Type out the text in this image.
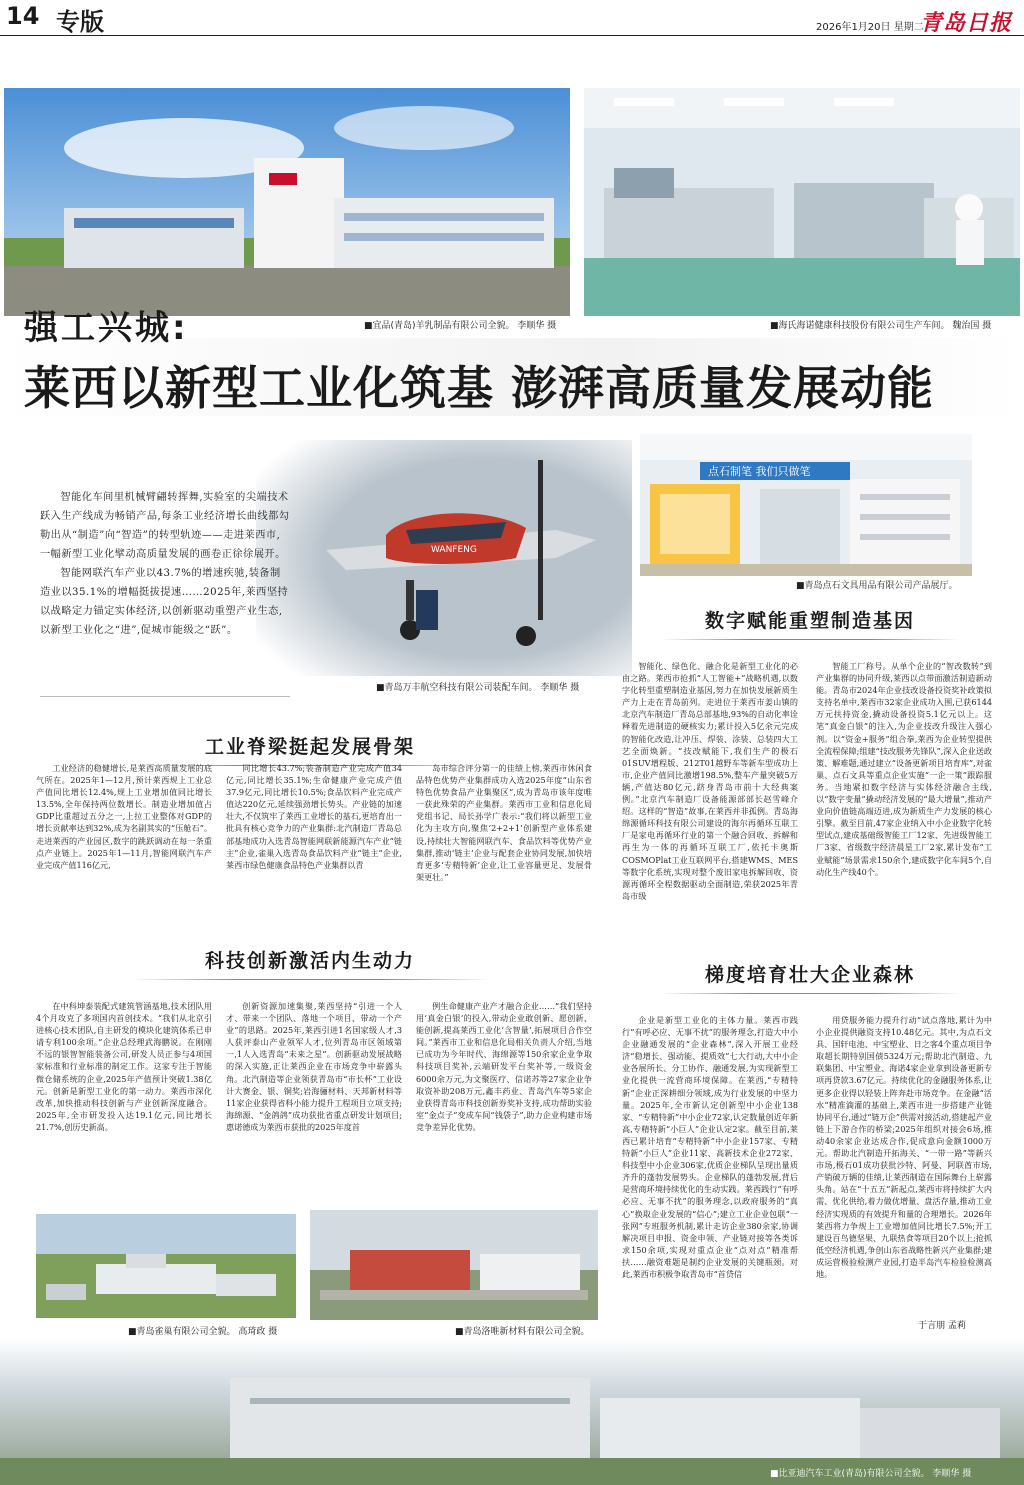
14 专版	2026年1月20日 星期二
青岛日报
■宜品(青岛)羊乳制品有限公司全貌。 李顺华 摄	■海氏海诺健康科技股份有限公司生产车间。 魏治国 摄
强工兴城:
莱西以新型工业化筑基 澎湃高质量发展动能
点石制笔 我们只做笔
■青岛点石文具用品有限公司产品展厅。
WANFENG
■青岛万丰航空科技有限公司装配车间。 李顺华 摄

智能化车间里机械臂翩转挥舞,实验室的尖端技术跃入生产线成为畅销产品,每条工业经济增长曲线都勾勒出从“制造”向“智造”的转型轨迹——走进莱西市,一幅新型工业化擘动高质量发展的画卷正徐徐展开。

智能网联汽车产业以43.7%的增速疾驰,装备制造业以35.1%的增幅挺拔提速……2025年,莱西坚持以战略定力锚定实体经济,以创新驱动重塑产业生态,以新型工业化之“进”,促城市能级之“跃”。

工业脊梁挺起发展骨架

工业经济的稳健增长,是莱西高质量发展的底气所在。2025年1—12月,预计莱西规上工业总产值同比增长12.4%,规上工业增加值同比增长13.5%,全年保持两位数增长。制造业增加值占GDP比重超过五分之一,上拉工业整体对GDP的增长贡献率达到32%,成为名副其实的“压舱石”。走进莱西的产业园区,数字的跳跃调动在每一条重点产业链上。2025年1—11月,智能网联汽车产业完成产值116亿元,

同比增长43.7%;装备制造产业完成产值34亿元,同比增长35.1%;生命健康产业完成产值37.9亿元,同比增长10.5%;食品饮料产业完成产值达220亿元,延续强劲增长势头。产业链的加速壮大,不仅筑牢了莱西工业增长的基石,更培育出一批具有核心竞争力的产业集群:北汽制造厂青岛总部基地成功入选青岛智能网联新能源汽车产业“链主”企业,雀巢入选青岛食品饮料产业“链主”企业,莱西市绿色健康食品特色产业集群以青

岛市综合评分第一的佳绩上榜,莱西市休闲食品特色优势产业集群成功入选2025年度“山东省特色优势食品产业集聚区”,成为青岛市该年度唯一获此殊荣的产业集群。莱西市工业和信息化局党组书记、局长孙学广表示:“我们将以新型工业化为主攻方向,聚焦‘2+2+1’创新型产业体系建设,持续壮大智能网联汽车、食品饮料等优势产业集群,推动‘链主’企业与配套企业协同发展,加快培育更多‘专精特新’企业,让工业容量更足、发展骨架更壮。”

科技创新激活内生动力

在中科坤泰装配式建筑管涵基地,技术团队用4个月攻克了多项国内首创技术。“我们从北京引进核心技术团队,自主研发的模块化建筑体系已申请专利100余项。”企业总经理武海鹏说。在刚刚不远的银智智能装备公司,研发人员正参与4项国家标准和行业标准的制定工作。这家专注于智能微仓储系统的企业,2025年产值预计突破1.38亿元。创新是新型工业化的第一动力。莱西市深化改革,加快推动科技创新与产业创新深度融合。2025年,全市研发投入达19.1亿元,同比增长21.7%,创历史新高。

创新资源加速集聚,莱西坚持“引进一个人才、带来一个团队、落地一个项目、带动一个产业”的思路。2025年,莱西引进1名国家级人才,3人获评泰山产业领军人才,位列青岛市区领域第一,1人入选青岛“未来之星”。创新驱动发展战略的深入实施,正让莱西企业在市场竞争中崭露头角。北汽制造等企业领获青岛市“市长杯”工业设计大赛金、银、铜奖;岩海骊材料、天邦新材料等11家企业获得省科小能力提升工程项目立项支持;海绵源、“金鸽鸽”成功获批省重点研发计划项目;惠诺德成为莱西市获批的2025年度首

例生命健康产业产才融合企业……“我们坚持用‘真金白银’的投入,带动企业敢创新、愿创新、能创新,提高莱西工业化‘含智量’,拓展项目合作空间。”莱西市工业和信息化局相关负责人介绍,当地已成功为今年时代、海绵源等150余家企业争取科技项目奖补,云端研发平台奖补等,一级资金6000余万元,为文聚医疗、信诺苏等27家企业争取资补助208万元,鑫丰药业、青岛汽车等5家企业获得青岛市科技创新券奖补支持,成功帮助实验室“金点子”变成车间“钱袋子”,助力企业构建市场竞争差异化优势。

数字赋能重塑制造基因

智能化、绿色化、融合化是新型工业化的必由之路。莱西市抢抓“人工智能+”战略机遇,以数字化转型重塑制造业基因,努力在加快发展新质生产力上走在青岛前列。走进位于莱西市姜山镇的北京汽车制造厂青岛总部基地,93%的自动化率诠释着先进制造的硬核实力;累计投入5亿余元完成的智能化改造,让冲压、焊装、涂装、总装四大工艺全面焕新。“技改赋能下,我们生产的极石01SUV增程版、212T01越野车等新车型成功上市,企业产值同比激增198.5%,整车产量突破5万辆,产值达80亿元,跻身青岛市前十大经典案例。”北京汽车制造厂设备能源部部长赵雪峰介绍。这样的“智造”故事,在莱西并非孤例。青岛海绵源循环科技有限公司建设的海尔再循环互联工厂是家电再循环行业的第一个融合回收、拆解和再生为一体的再循环互联工厂,依托卡奥斯COSMOPlat工业互联网平台,搭建WMS、MES等数字化系统,实现对整个废旧家电拆解回收、资源再循环全程数据驱动全面制造,荣获2025年青岛市级

智能工厂称号。从单个企业的“智改数转”到产业集群的协同升级,莱西以点带面激活制造新动能。青岛市2024年企业技改设备投资奖补政策拟支持名单中,莱西市32家企业成功入围,已获6144万元扶持资金,撬动设备投资5.1亿元以上。这笔“真金白银”的注入,为企业技改升级注入强心剂。以“资金+服务”组合拳,莱西为企业转型提供全流程保障;组建“技改服务先锋队”,深入企业送政策、解难题,通过建立“设备更新项目培育库”,对雀巢、点石文具等重点企业实施“一企一策”跟踪服务。当地紧扣数字经济与实体经济融合主线,以“数字变量”撬动经济发展的“最大增量”,推动产业向价值链高端迈进,成为新质生产力发展的核心引擎。截至目前,47家企业纳入中小企业数字化转型试点,建成基础级智能工厂12家、先进级智能工厂3家、省级数字经济晨星工厂2家,累计发布“工业赋能”场景需求150余个,建成数字化车间5个,自动化生产线40个。

梯度培育壮大企业森林

企业是新型工业化的主体力量。莱西市践行“有呼必应、无事不扰”的服务理念,打造大中小企业融通发展的“企业森林”,深入开展工业经济“稳增长、强动能、提质效”七大行动,大中小企业各展所长、分工协作、融通发展,为实现新型工业化提供一流营商环境保障。在莱西,“专精特新”企业正深耕细分领域,成为行业发展的中坚力量。2025年,全市新认定创新型中小企业138家、“专精特新”中小企业72家,认定数量创近年新高,专精特新“小巨人”企业认定2家。截至目前,莱西已累计培育“专精特新”中小企业157家、专精特新“小巨人”企业11家、高新技术企业272家、科技型中小企业306家,优质企业梯队呈现出量质齐升的蓬勃发展势头。企业梯队的蓬勃发展,背后是营商环境持续优化的生动实践。莱西践行“有呼必应、无事不扰”的服务理念,以政府服务的“真心”换取企业发展的“信心”;建立工业企业包联“一张网”专班服务机制,累计走访企业380余家,协调解决项目申报、资金申领、产业链对接等各类诉求150余项,实现对重点企业“点对点”精准帮扶……融资难题是制约企业发展的关键瓶颈。对此,莱西市积极争取青岛市“首贷信

用贷服务能力提升行动”试点落地,累计为中小企业提供融资支持10.48亿元。其中,为点石文具、国轩电池、中宝塑业、日之客4个重点项目争取超长期特别国债5324万元;帮助北汽制造、九联集团、中宝塑业、海诺4家企业拿到设备更新专项再贷款3.67亿元。持续优化的金融服务体系,让更多企业得以轻装上阵奔赴市场竞争。在金融“活水”精准滴灌的基础上,莱西市进一步搭建产业链协同平台,通过“链万企”供需对接活动,搭建起产业链上下游合作的桥梁;2025年组织对接会6场,推动40余家企业达成合作,促成意向金额1000万元。帮助北汽制造开拓海关、“一带一路”等新兴市场,极石01成功获批沙特、阿曼、阿联酋市场,产销破万辆的佳绩,让莱西制造在国际舞台上崭露头角。站在“十五五”新起点,莱西市将持续扩大内需、优化供给,着力做优增量、盘活存量,推动工业经济实现质的有效提升和量的合理增长。2026年莱西将力争规上工业增加值同比增长7.5%;开工建设百鸟德坚果、九联热食等项目20个以上;抢抓低空经济机遇,争创山东省战略性新兴产业集群;建成运营极验检测产业园,打造半岛汽车检验检测高地。

于言朋 孟莉
■青岛雀巢有限公司全貌。 高琦政 摄	■青岛洛唯新材料有限公司全貌。
■比亚迪汽车工业(青岛)有限公司全貌。 李顺华 摄
